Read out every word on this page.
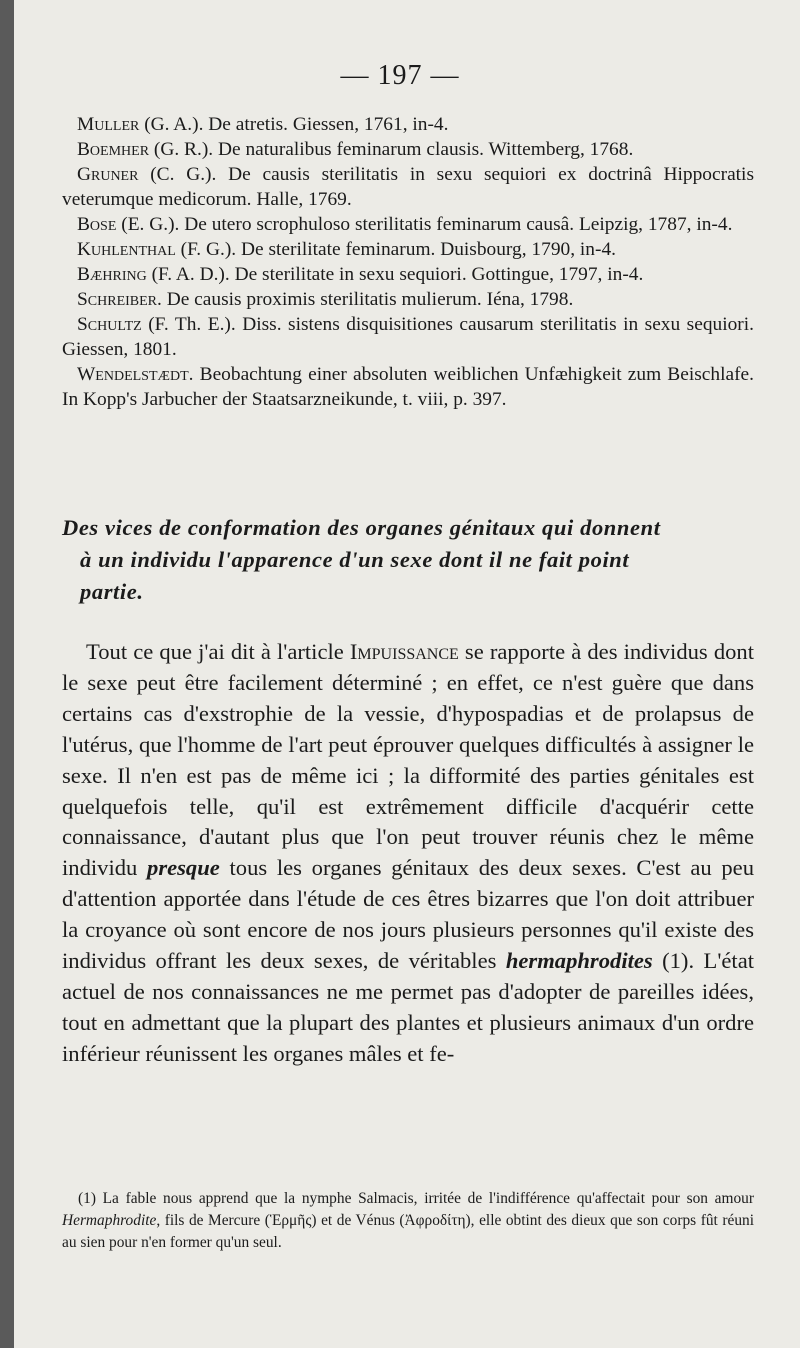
— 197 —
Muller (G. A.). De atretis. Giessen, 1761, in-4.
Boemher (G. R.). De naturalibus feminarum clausis. Wittemberg, 1768.
Gruner (C. G.). De causis sterilitatis in sexu sequiori ex doctrinâ Hippocratis veterumque medicorum. Halle, 1769.
Bose (E. G.). De utero scrophuloso sterilitatis feminarum causâ. Leipzig, 1787, in-4.
Kuhlenthal (F. G.). De sterilitate feminarum. Duisbourg, 1790, in-4.
Bæhring (F. A. D.). De sterilitate in sexu sequiori. Gottingue, 1797, in-4.
Schreiber. De causis proximis sterilitatis mulierum. Iéna, 1798.
Schultz (F. Th. E.). Diss. sistens disquisitiones causarum sterilitatis in sexu sequiori. Giessen, 1801.
Wendelstædt. Beobachtung einer absoluten weiblichen Unfæhigkeit zum Beischlafe. In Kopp's Jarbucher der Staatsarzneikunde, t. viii, p. 397.
Des vices de conformation des organes génitaux qui donnent
à un individu l'apparence d'un sexe dont il ne fait point
partie.

Tout ce que j'ai dit à l'article Impuissance se rapporte à des individus dont le sexe peut être facilement déterminé ; en effet, ce n'est guère que dans certains cas d'exstrophie de la vessie, d'hypospadias et de prolapsus de l'utérus, que l'homme de l'art peut éprouver quelques difficultés à assigner le sexe. Il n'en est pas de même ici ; la difformité des parties génitales est quelquefois telle, qu'il est extrêmement difficile d'acquérir cette connaissance, d'autant plus que l'on peut trouver réunis chez le même individu presque tous les organes génitaux des deux sexes. C'est au peu d'attention apportée dans l'étude de ces êtres bizarres que l'on doit attribuer la croyance où sont encore de nos jours plusieurs personnes qu'il existe des individus offrant les deux sexes, de véritables hermaphrodites (1). L'état actuel de nos connaissances ne me permet pas d'adopter de pareilles idées, tout en admettant que la plupart des plantes et plusieurs animaux d'un ordre inférieur réunissent les organes mâles et fe-

(1) La fable nous apprend que la nymphe Salmacis, irritée de l'indifférence qu'affectait pour son amour Hermaphrodite, fils de Mercure (Ἑρμῆς) et de Vénus (Ἀφροδίτη), elle obtint des dieux que son corps fût réuni au sien pour n'en former qu'un seul.
